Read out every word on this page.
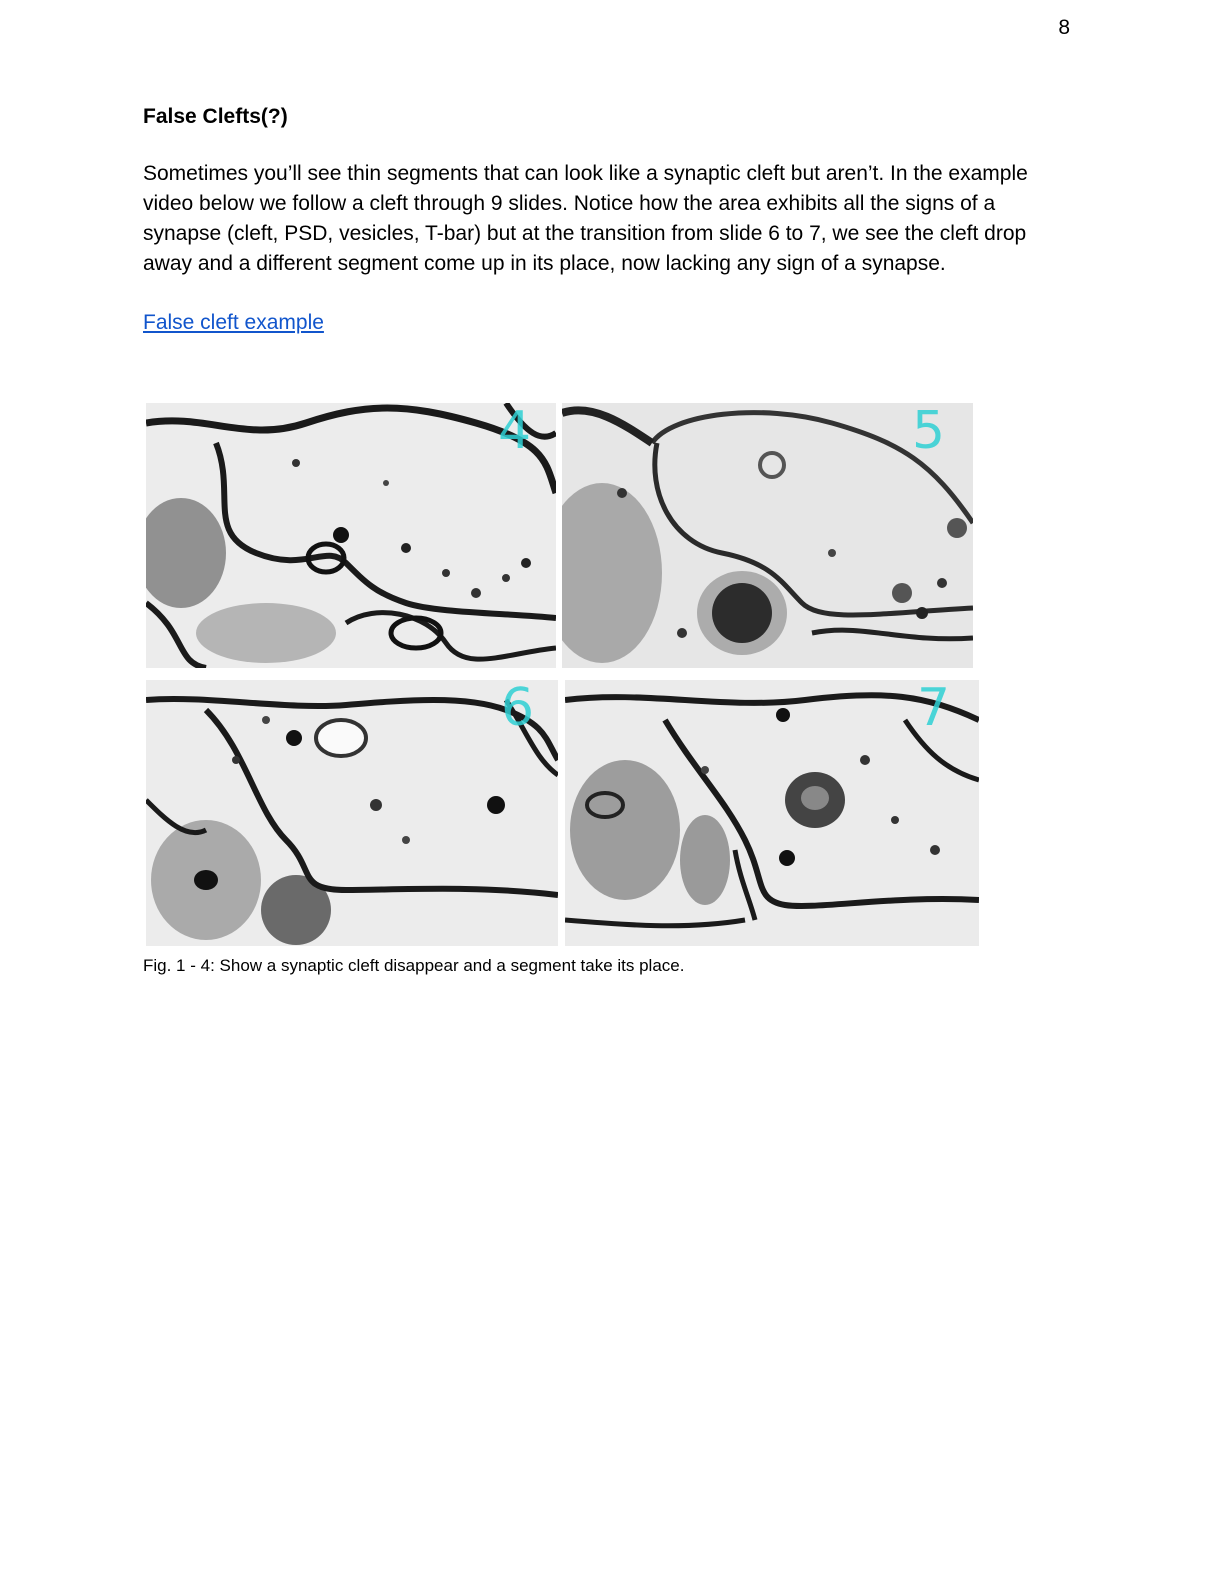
8

False Clefts(?)

Sometimes you’ll see thin segments that can look like a synaptic cleft but aren’t. In the example video below we follow a cleft through 9 slides. Notice how the area exhibits all the signs of a synapse (cleft, PSD, vesicles, T-bar) but at the transition from slide 6 to 7, we see the cleft drop away and a different segment come up in its place, now lacking any sign of a synapse.

False cleft example
4	5
6	7
Fig. 1 - 4: Show a synaptic cleft disappear and a segment take its place.
